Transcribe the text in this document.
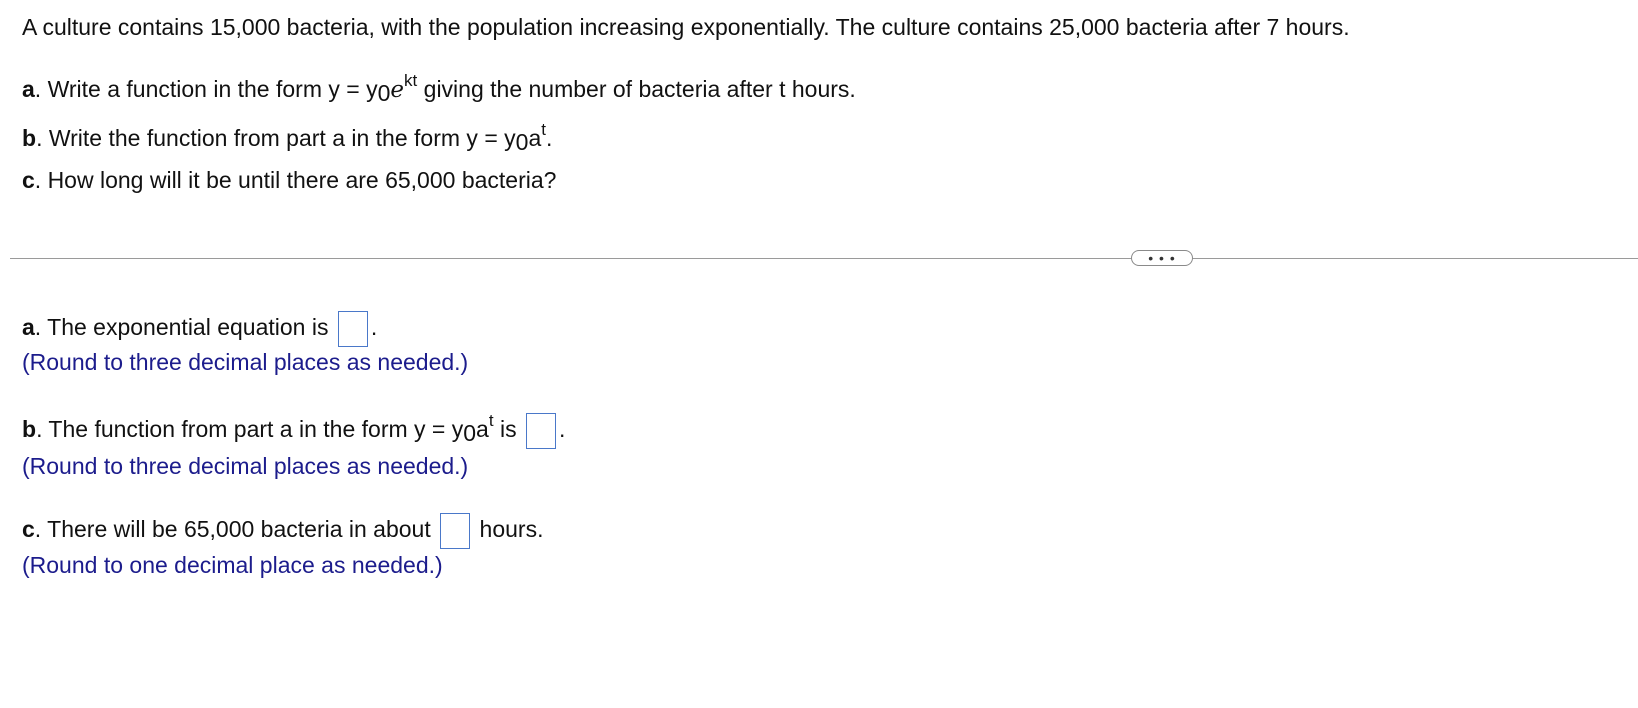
A culture contains 15,000 bacteria, with the population increasing exponentially. The culture contains 25,000 bacteria after 7 hours.
a. Write a function in the form $y = y0e^{kt}$ giving the number of bacteria after t hours.
b. Write the function from part a in the form $y = y0a^t$.
c. How long will it be until there are 65,000 bacteria?
• • •
a. The exponential equation is .
(Round to three decimal places as needed.)
b. The function from part a in the form $y = y0a^t$ is .
(Round to three decimal places as needed.)
c. There will be 65,000 bacteria in about hours.
(Round to one decimal place as needed.)
